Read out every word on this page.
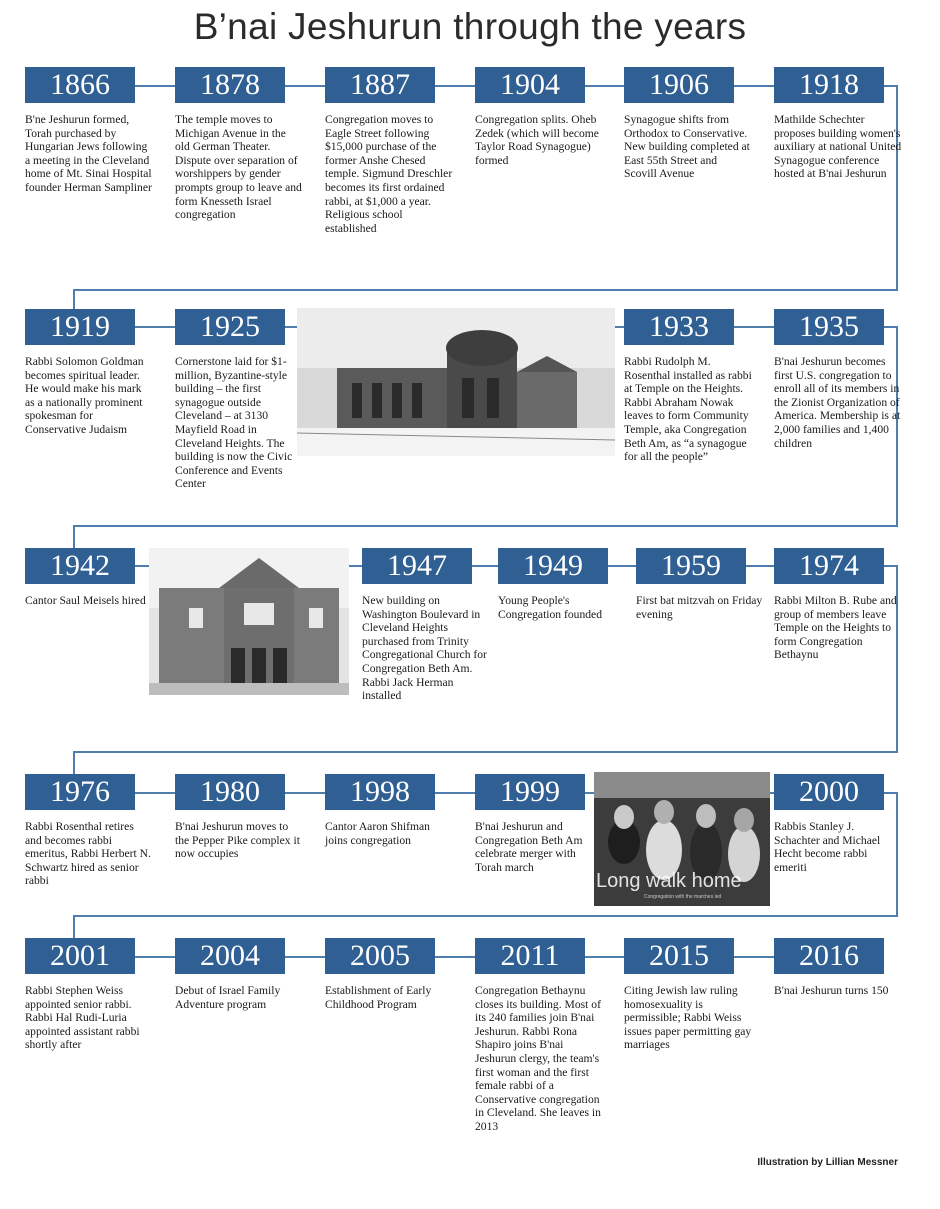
B’nai Jeshurun through the years
1866
B'ne Jeshurun formed, Torah purchased by Hungarian Jews following a meeting in the Cleveland home of Mt. Sinai Hospital founder Herman Sampliner
1878
The temple moves to Michigan Avenue in the old German Theater. Dispute over separation of worshippers by gender prompts group to leave and form Knesseth Israel congregation
1887
Congregation moves to Eagle Street following $15,000 purchase of the former Anshe Chesed temple. Sigmund Dreschler becomes its first ordained rabbi, at $1,000 a year. Religious school established
1904
Congregation splits. Oheb Zedek (which will become Taylor Road Synagogue) formed
1906
Synagogue shifts from Orthodox to Conservative. New building completed at East 55th Street and Scovill Avenue
1918
Mathilde Schechter proposes building women's auxiliary at national United Synagogue conference hosted at B'nai Jeshurun
1919
Rabbi Solomon Goldman becomes spiritual leader. He would make his mark as a nationally prominent spokesman for Conservative Judaism
1925
Cornerstone laid for $1-million, Byzantine-style building – the first synagogue outside Cleveland – at 3130 Mayfield Road in Cleveland Heights. The building is now the Civic Conference and Events Center
1933
Rabbi Rudolph M. Rosenthal installed as rabbi at Temple on the Heights. Rabbi Abraham Nowak leaves to form Community Temple, aka Congregation Beth Am, as “a synagogue for all the people”
1935
B'nai Jeshurun becomes first U.S. congregation to enroll all of its members in the Zionist Organization of America. Membership is at 2,000 families and 1,400 children
1942
Cantor Saul Meisels hired
1947
New building on Washington Boulevard in Cleveland Heights purchased from Trinity Congregational Church for Congregation Beth Am. Rabbi Jack Herman installed
1949
Young People's Congregation founded
1959
First bat mitzvah on Friday evening
1974
Rabbi Milton B. Rube and group of members leave Temple on the Heights to form Congregation Bethaynu
1976
Rabbi Rosenthal retires and becomes rabbi emeritus, Rabbi Herbert N. Schwartz hired as senior rabbi
1980
B'nai Jeshurun moves to the Pepper Pike complex it now occupies
1998
Cantor Aaron Shifman joins congregation
1999
B'nai Jeshurun and Congregation Beth Am celebrate merger with Torah march
Long walk home
Congregation with the marches led
2000
Rabbis Stanley J. Schachter and Michael Hecht become rabbi emeriti
2001
Rabbi Stephen Weiss appointed senior rabbi. Rabbi Hal Rudi-Luria appointed assistant rabbi shortly after
2004
Debut of Israel Family Adventure program
2005
Establishment of Early Childhood Program
2011
Congregation Bethaynu closes its building. Most of its 240 families join B'nai Jeshurun. Rabbi Rona Shapiro joins B'nai Jeshurun clergy, the team's first woman and the first female rabbi of a Conservative congregation in Cleveland. She leaves in 2013
2015
Citing Jewish law ruling homosexuality is permissible; Rabbi Weiss issues paper permitting gay marriages
2016
B'nai Jeshurun turns 150
Illustration by Lillian Messner
